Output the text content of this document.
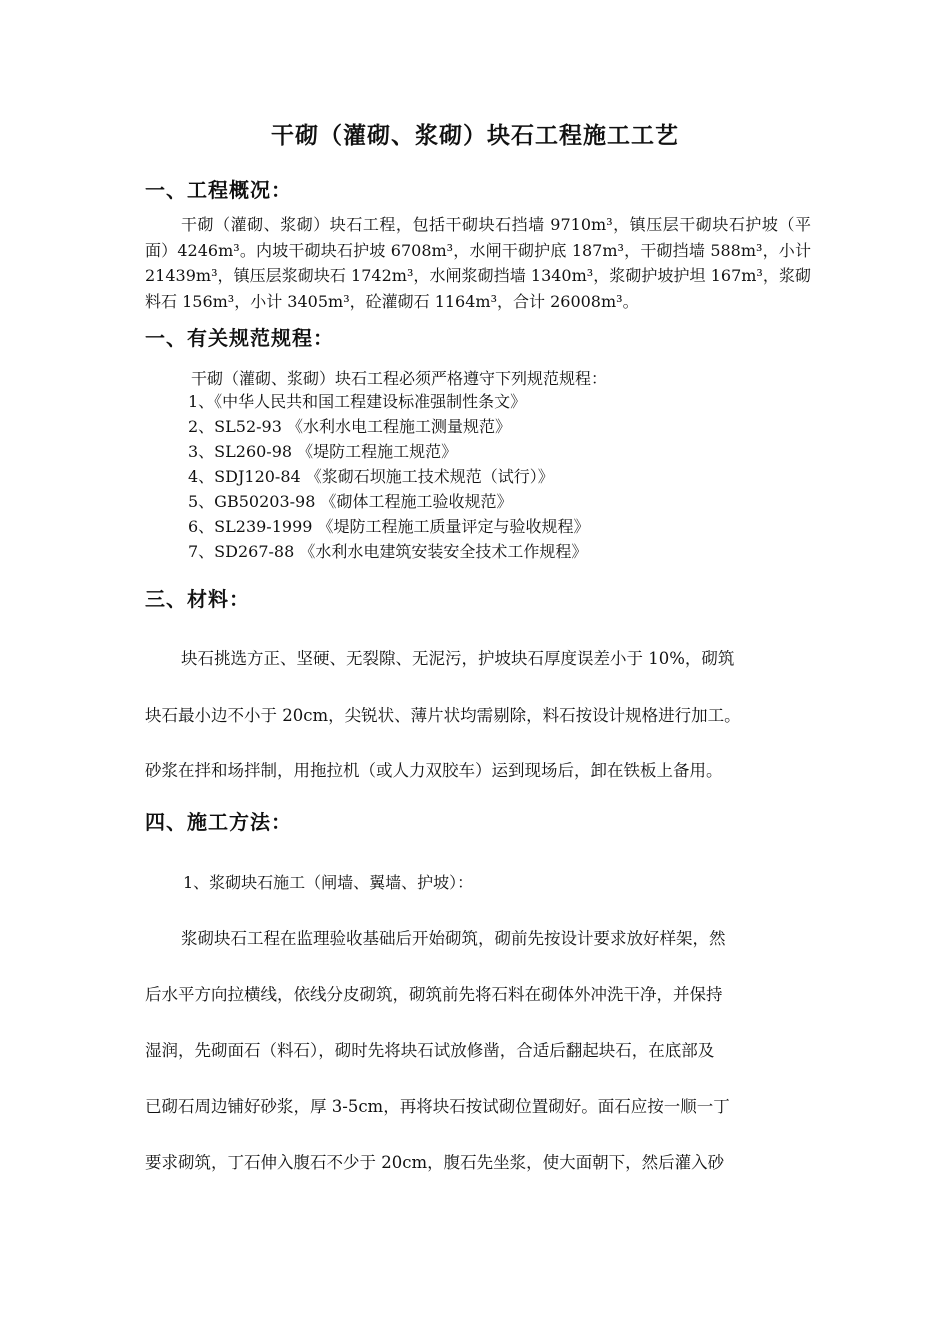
干砌（灌砌、浆砌）块石工程施工工艺
一、工程概况：

干砌（灌砌、浆砌）块石工程，包括干砌块石挡墙 9710m³，镇压层干砌块石护坡（平面）4246m³。内坡干砌块石护坡 6708m³，水闸干砌护底 187m³，干砌挡墙 588m³，小计 21439m³，镇压层浆砌块石 1742m³，水闸浆砌挡墙 1340m³，浆砌护坡护坦 167m³，浆砌料石 156m³，小计 3405m³，砼灌砌石 1164m³，合计 26008m³。

一、有关规范规程：
干砌（灌砌、浆砌）块石工程必须严格遵守下列规范规程：
1、《中华人民共和国工程建设标准强制性条文》
2、SL52-93 《水利水电工程施工测量规范》
3、SL260-98 《堤防工程施工规范》
4、SDJ120-84 《浆砌石坝施工技术规范（试行）》
5、GB50203-98 《砌体工程施工验收规范》
6、SL239-1999 《堤防工程施工质量评定与验收规程》
7、SD267-88 《水利水电建筑安装安全技术工作规程》
三、材料：
块石挑选方正、坚硬、无裂隙、无泥污，护坡块石厚度误差小于 10%，砌筑
块石最小边不小于 20cm，尖锐状、薄片状均需剔除，料石按设计规格进行加工。
砂浆在拌和场拌制，用拖拉机（或人力双胶车）运到现场后，卸在铁板上备用。
四、施工方法：
1、浆砌块石施工（闸墙、翼墙、护坡）：
浆砌块石工程在监理验收基础后开始砌筑，砌前先按设计要求放好样架，然
后水平方向拉横线，依线分皮砌筑，砌筑前先将石料在砌体外冲洗干净，并保持
湿润，先砌面石（料石），砌时先将块石试放修凿，合适后翻起块石，在底部及
已砌石周边铺好砂浆，厚 3-5cm，再将块石按试砌位置砌好。面石应按一顺一丁
要求砌筑，丁石伸入腹石不少于 20cm，腹石先坐浆，使大面朝下，然后灌入砂
